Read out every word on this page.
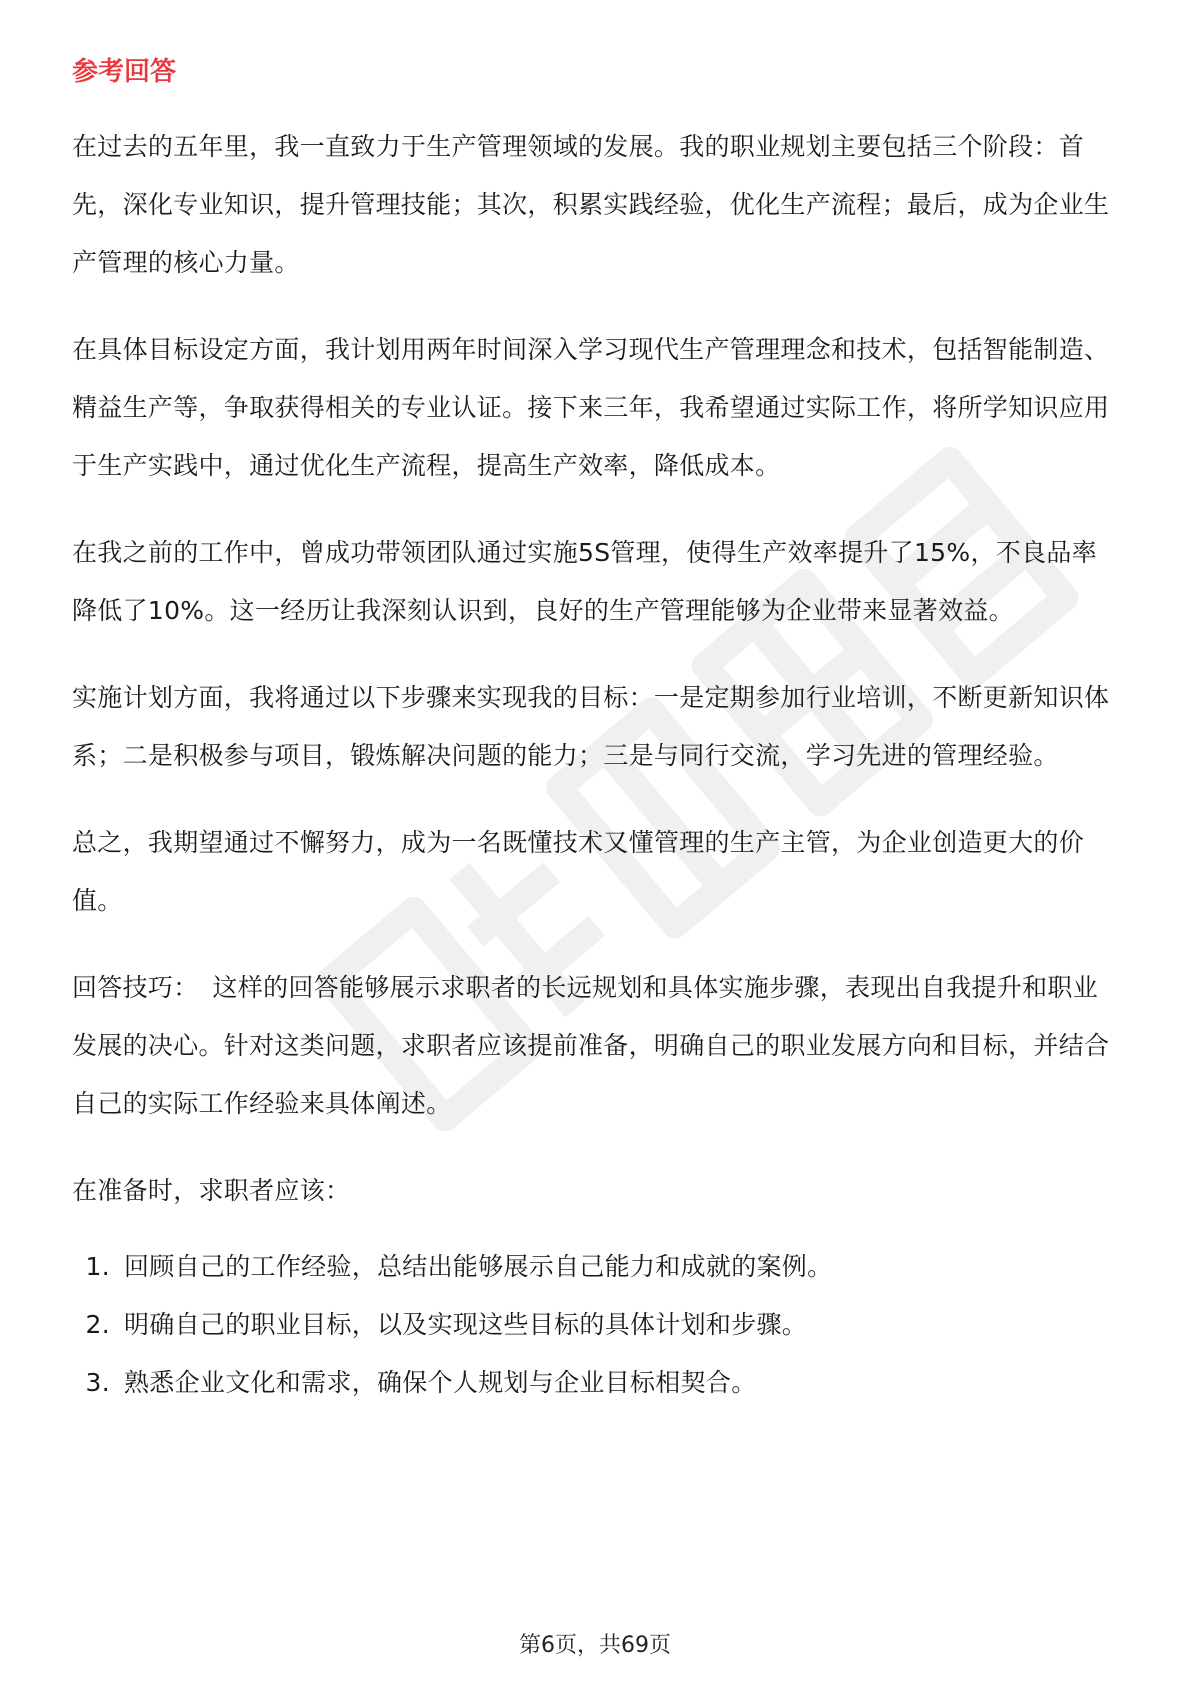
参考回答

在过去的五年里，我一直致力于生产管理领域的发展。我的职业规划主要包括三个阶段：首先，深化专业知识，提升管理技能；其次，积累实践经验，优化生产流程；最后，成为企业生产管理的核心力量。

在具体目标设定方面，我计划用两年时间深入学习现代生产管理理念和技术，包括智能制造、精益生产等，争取获得相关的专业认证。接下来三年，我希望通过实际工作，将所学知识应用于生产实践中，通过优化生产流程，提高生产效率，降低成本。

在我之前的工作中，曾成功带领团队通过实施5S管理，使得生产效率提升了15%，不良品率降低了10%。这一经历让我深刻认识到，良好的生产管理能够为企业带来显著效益。

实施计划方面，我将通过以下步骤来实现我的目标：一是定期参加行业培训，不断更新知识体系；二是积极参与项目，锻炼解决问题的能力；三是与同行交流，学习先进的管理经验。

总之，我期望通过不懈努力，成为一名既懂技术又懂管理的生产主管，为企业创造更大的价值。

回答技巧： 这样的回答能够展示求职者的长远规划和具体实施步骤，表现出自我提升和职业发展的决心。针对这类问题，求职者应该提前准备，明确自己的职业发展方向和目标，并结合自己的实际工作经验来具体阐述。

在准备时，求职者应该：

1. 回顾自己的工作经验，总结出能够展示自己能力和成就的案例。
2. 明确自己的职业目标，以及实现这些目标的具体计划和步骤。
3. 熟悉企业文化和需求，确保个人规划与企业目标相契合。
第6页，共69页
